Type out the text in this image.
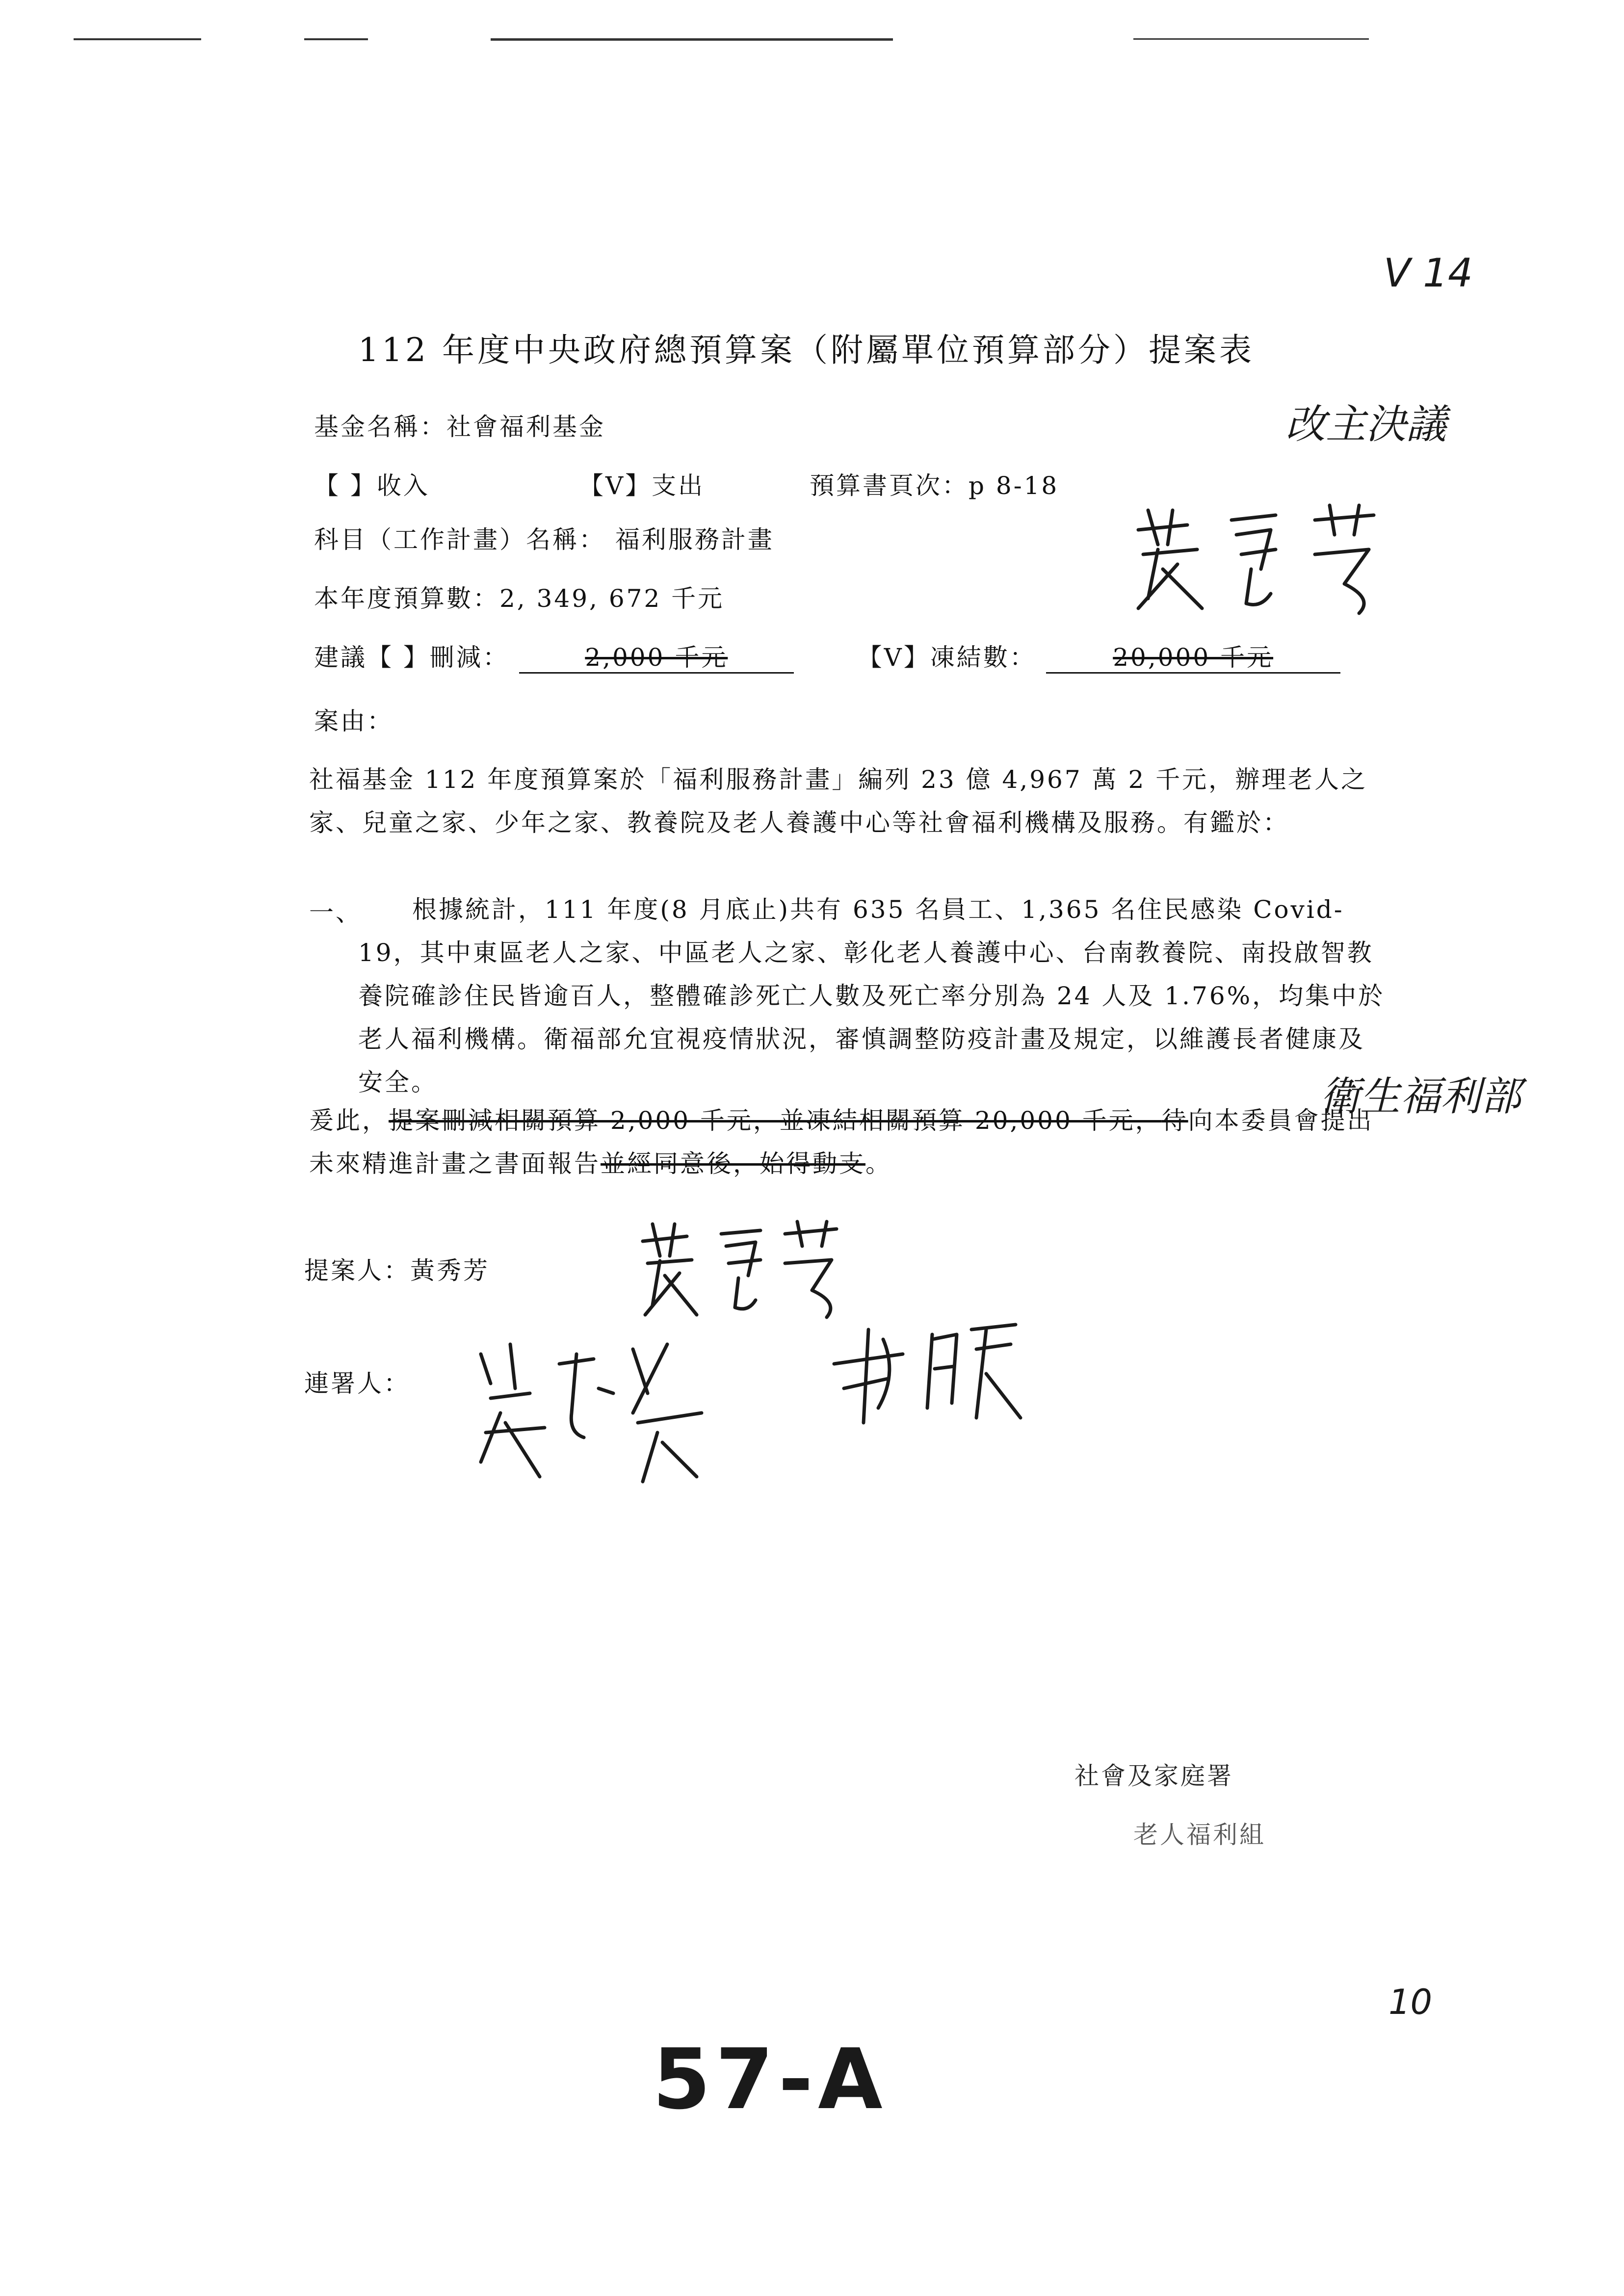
V 14
112 年度中央政府總預算案（附屬單位預算部分）提案表
改主決議
基金名稱：社會福利基金
【 】收入	【V】支出	預算書頁次：p 8-18
科目（工作計畫）名稱： 福利服務計畫
本年度預算數：2, 349, 672 千元
建議【 】刪減：	2,000 千元	【V】凍結數：	20,000 千元
案由：
社福基金 112 年度預算案於「福利服務計畫」編列 23 億 4,967 萬 2 千元，辦理老人之家、兒童之家、少年之家、教養院及老人養護中心等社會福利機構及服務。有鑑於：
一、	根據統計，111 年度(8 月底止)共有 635 名員工、1,365 名住民感染 Covid-19，其中東區老人之家、中區老人之家、彰化老人養護中心、台南教養院、南投啟智教養院確診住民皆逾百人，整體確診死亡人數及死亡率分別為 24 人及 1.76%，均集中於老人福利機構。衛福部允宜視疫情狀況，審慎調整防疫計畫及規定，以維護長者健康及安全。	衛生福利部
爰此，提案刪減相關預算 2,000 千元，並凍結相關預算 20,000 千元，待向本委員會提出未來精進計畫之書面報告並經同意後，始得動支。
提案人：黃秀芳
連署人：
社會及家庭署
老人福利組
10
57-A
